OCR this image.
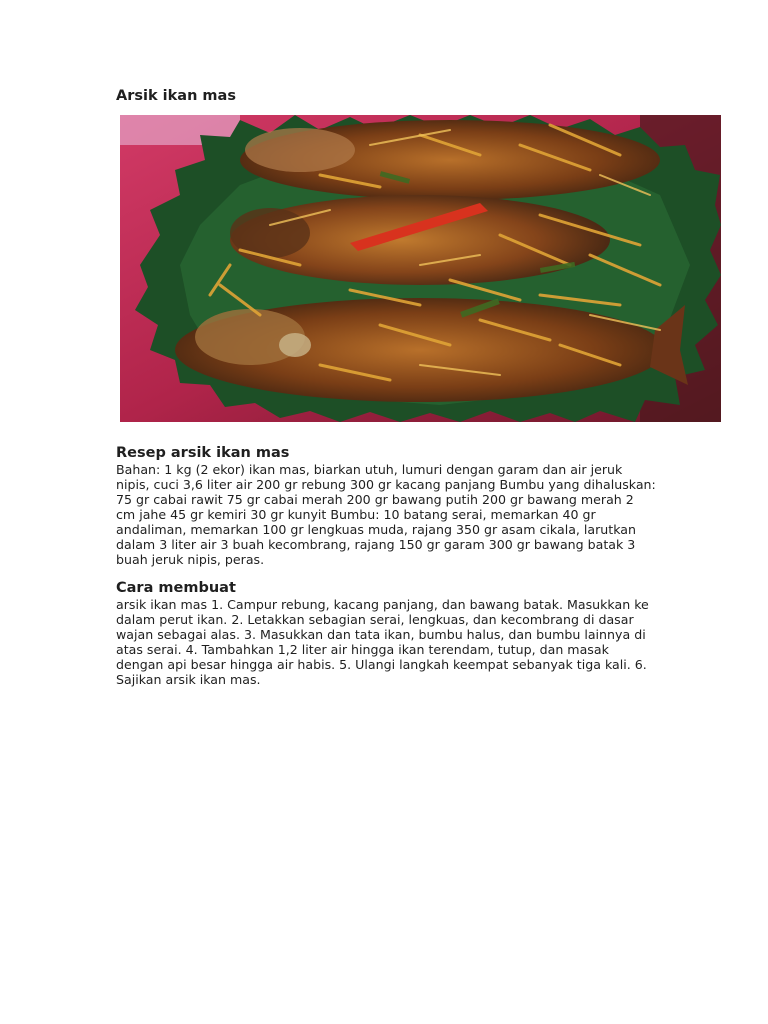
Arsik ikan mas
Resep arsik ikan mas

Bahan: 1 kg (2 ekor) ikan mas, biarkan utuh, lumuri dengan garam dan air jeruk nipis, cuci 3,6 liter air 200 gr rebung 300 gr kacang panjang Bumbu yang dihaluskan: 75 gr cabai rawit 75 gr cabai merah 200 gr bawang putih 200 gr bawang merah 2 cm jahe 45 gr kemiri 30 gr kunyit Bumbu: 10 batang serai, memarkan 40 gr andaliman, memarkan 100 gr lengkuas muda, rajang 350 gr asam cikala, larutkan dalam 3 liter air 3 buah kecombrang, rajang 150 gr garam 300 gr bawang batak 3 buah jeruk nipis, peras.

Cara membuat

arsik ikan mas 1. Campur rebung, kacang panjang, dan bawang batak. Masukkan ke dalam perut ikan. 2. Letakkan sebagian serai, lengkuas, dan kecombrang di dasar wajan sebagai alas. 3. Masukkan dan tata ikan, bumbu halus, dan bumbu lainnya di atas serai. 4. Tambahkan 1,2 liter air hingga ikan terendam, tutup, dan masak dengan api besar hingga air habis. 5. Ulangi langkah keempat sebanyak tiga kali. 6. Sajikan arsik ikan mas.
